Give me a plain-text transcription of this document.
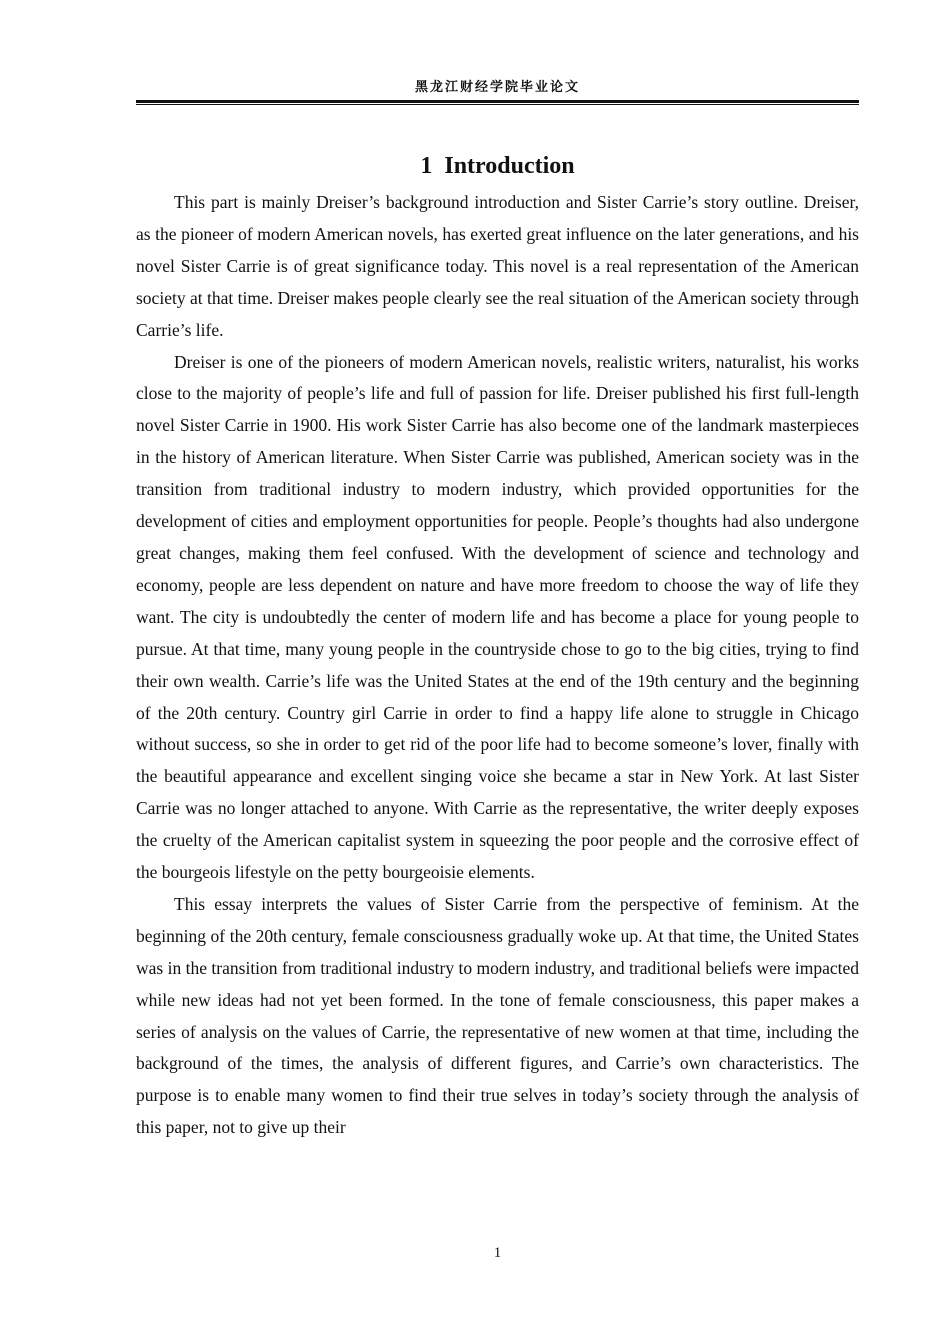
黑龙江财经学院毕业论文
1  Introduction

This part is mainly Dreiser’s background introduction and Sister Carrie’s story outline. Dreiser, as the pioneer of modern American novels, has exerted great influence on the later generations, and his novel Sister Carrie is of great significance today. This novel is a real representation of the American society at that time. Dreiser makes people clearly see the real situation of the American society through Carrie’s life.

Dreiser is one of the pioneers of modern American novels, realistic writers, naturalist, his works close to the majority of people’s life and full of passion for life. Dreiser published his first full-length novel Sister Carrie in 1900. His work Sister Carrie has also become one of the landmark masterpieces in the history of American literature. When Sister Carrie was published, American society was in the transition from traditional industry to modern industry, which provided opportunities for the development of cities and employment opportunities for people. People’s thoughts had also undergone great changes, making them feel confused. With the development of science and technology and economy, people are less dependent on nature and have more freedom to choose the way of life they want. The city is undoubtedly the center of modern life and has become a place for young people to pursue. At that time, many young people in the countryside chose to go to the big cities, trying to find their own wealth. Carrie’s life was the United States at the end of the 19th century and the beginning of the 20th century. Country girl Carrie in order to find a happy life alone to struggle in Chicago without success, so she in order to get rid of the poor life had to become someone’s lover, finally with the beautiful appearance and excellent singing voice she became a star in New York. At last Sister Carrie was no longer attached to anyone. With Carrie as the representative, the writer deeply exposes the cruelty of the American capitalist system in squeezing the poor people and the corrosive effect of the bourgeois lifestyle on the petty bourgeoisie elements.

This essay interprets the values of Sister Carrie from the perspective of feminism. At the beginning of the 20th century, female consciousness gradually woke up. At that time, the United States was in the transition from traditional industry to modern industry, and traditional beliefs were impacted while new ideas had not yet been formed. In the tone of female consciousness, this paper makes a series of analysis on the values of Carrie, the representative of new women at that time, including the background of the times, the analysis of different figures, and Carrie’s own characteristics. The purpose is to enable many women to find their true selves in today’s society through the analysis of this paper, not to give up their

1
